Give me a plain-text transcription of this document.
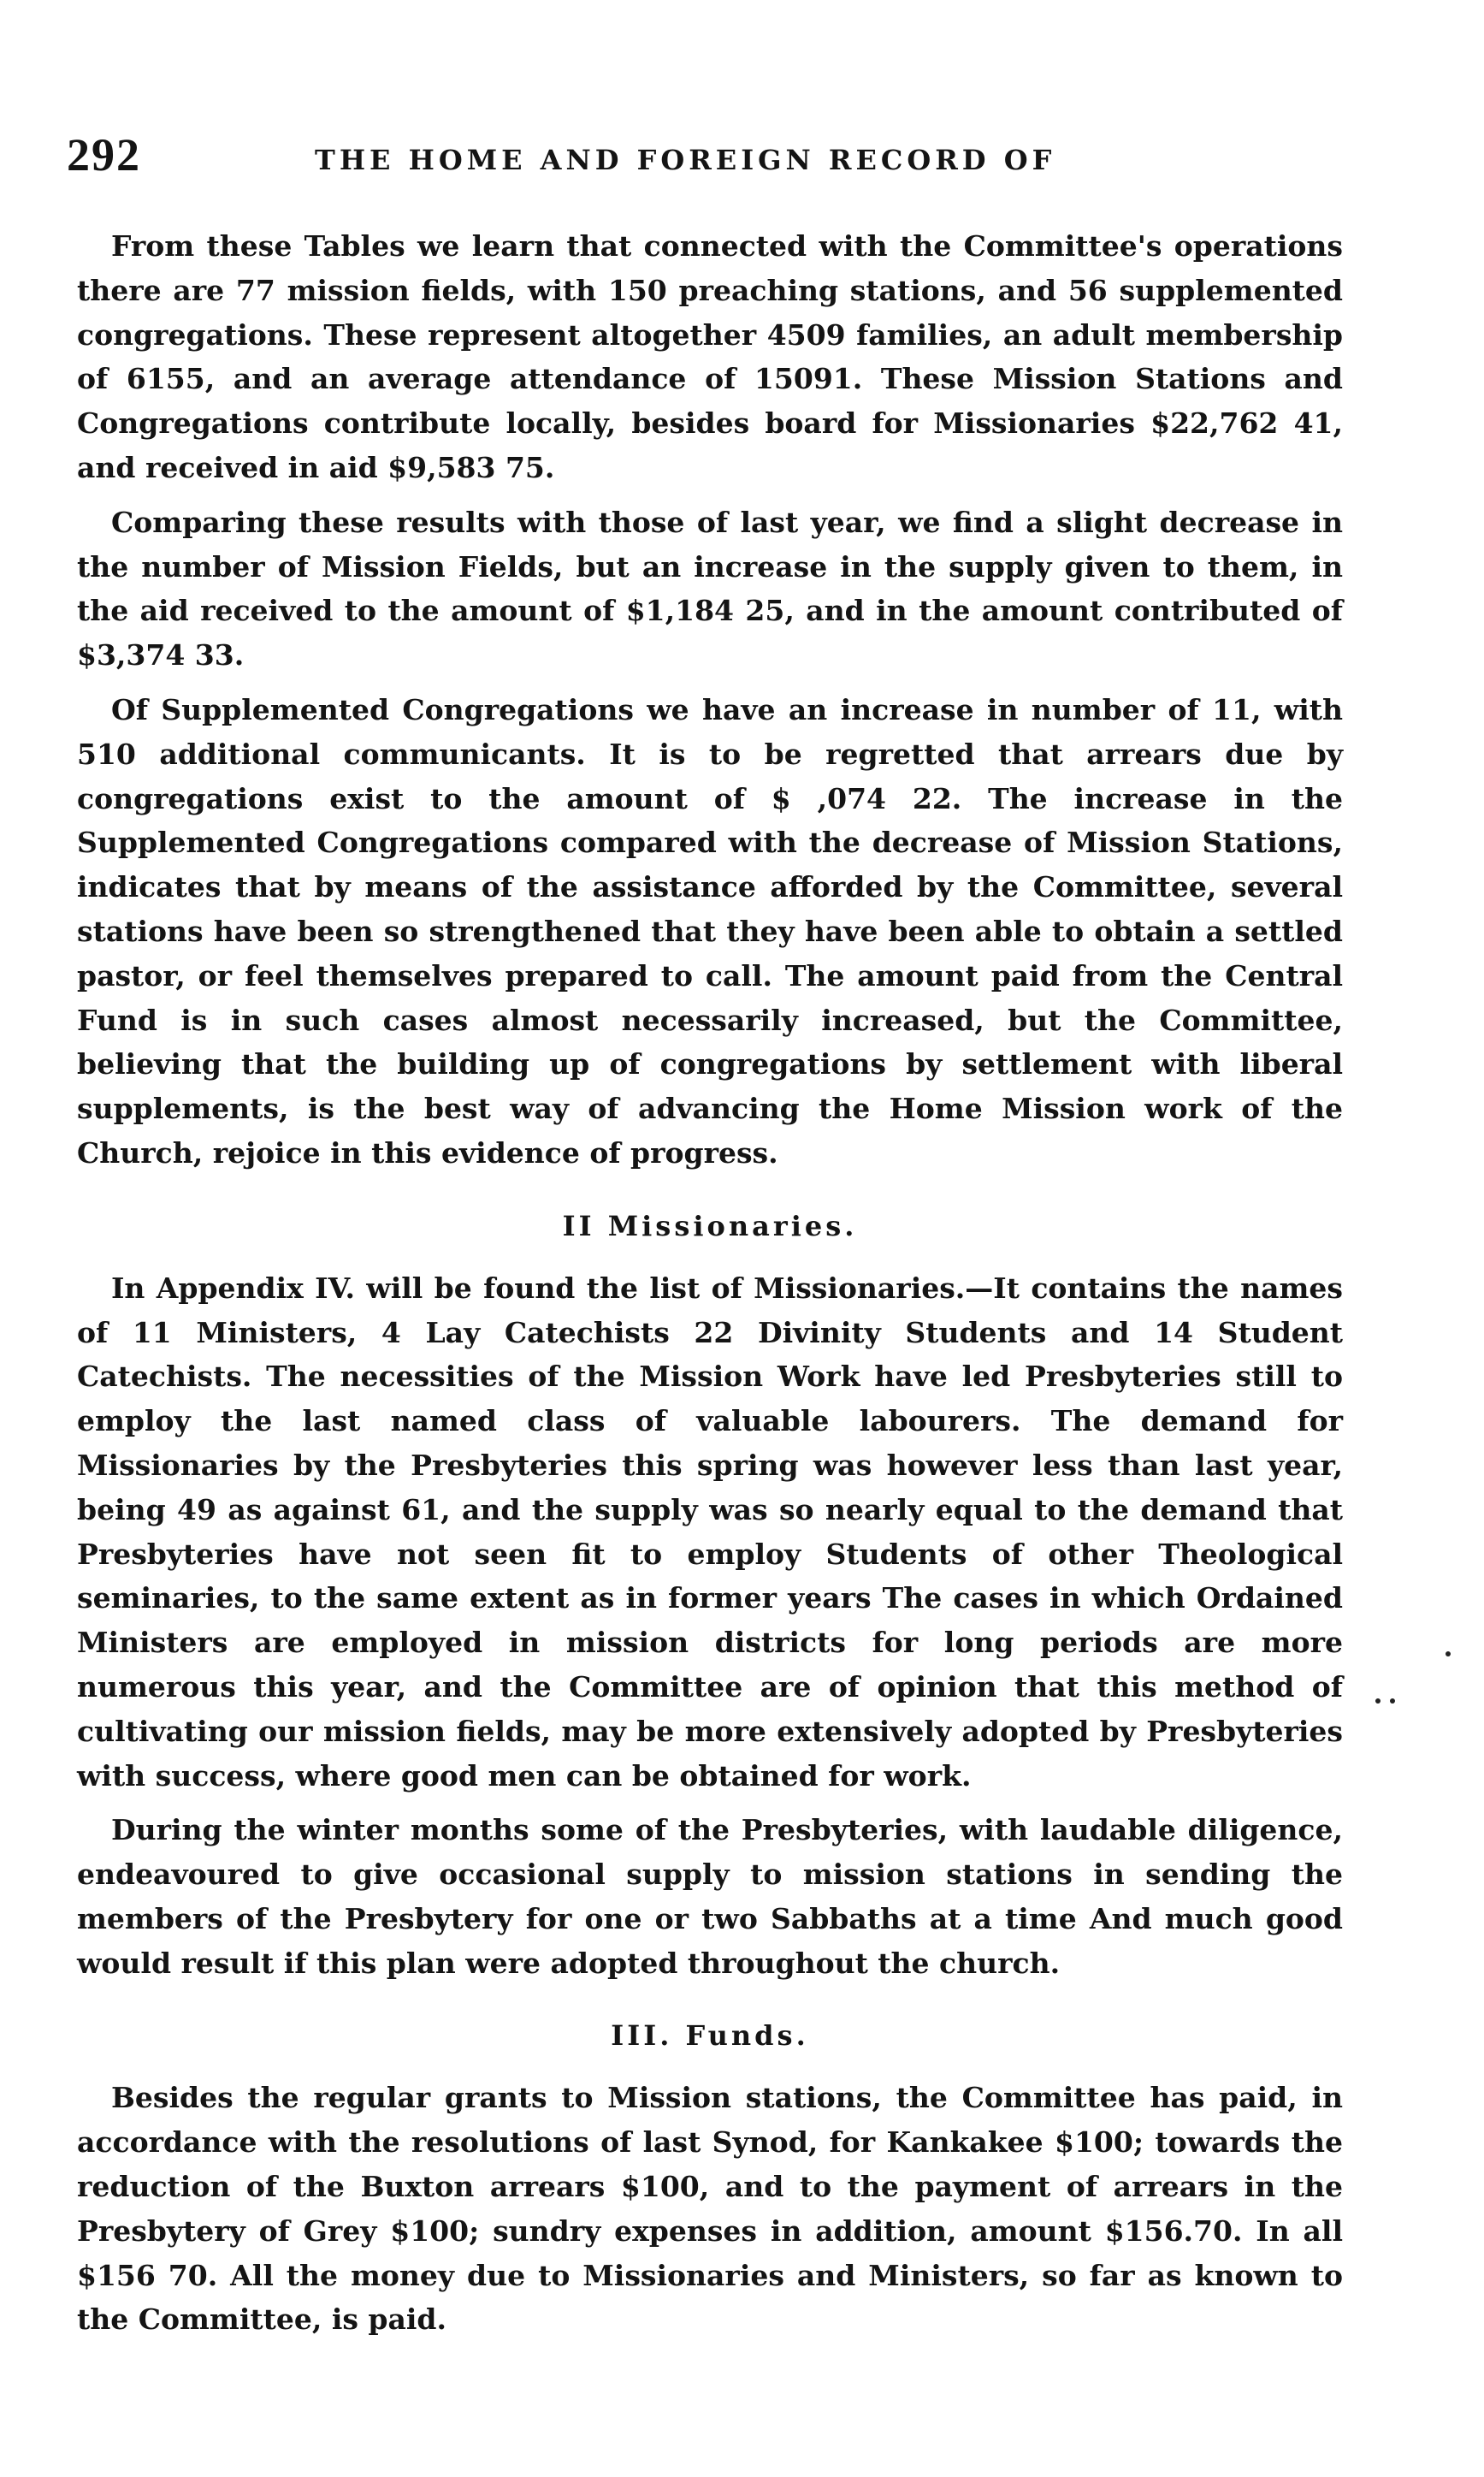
292	THE HOME AND FOREIGN RECORD OF

From these Tables we learn that connected with the Committee's operations there are 77 mission fields, with 150 preaching stations, and 56 supplemented congregations. These represent altogether 4509 families, an adult membership of 6155, and an average attendance of 15091. These Mission Stations and Congregations contribute locally, besides board for Missionaries $22,762 41, and received in aid $9,583 75.

Comparing these results with those of last year, we find a slight decrease in the number of Mission Fields, but an increase in the supply given to them, in the aid received to the amount of $1,184 25, and in the amount contributed of $3,374 33.

Of Supplemented Congregations we have an increase in number of 11, with 510 additional communicants. It is to be regretted that arrears due by congregations exist to the amount of $ ,074 22. The increase in the Supplemented Congregations compared with the decrease of Mission Stations, indicates that by means of the assistance afforded by the Committee, several stations have been so strengthened that they have been able to obtain a settled pastor, or feel themselves prepared to call. The amount paid from the Central Fund is in such cases almost necessarily increased, but the Committee, believing that the building up of congregations by settlement with liberal supplements, is the best way of advancing the Home Mission work of the Church, rejoice in this evidence of progress.

II Missionaries.

In Appendix IV. will be found the list of Missionaries.—It contains the names of 11 Ministers, 4 Lay Catechists 22 Divinity Students and 14 Student Catechists. The necessities of the Mission Work have led Presbyteries still to employ the last named class of valuable labourers. The demand for Missionaries by the Presbyteries this spring was however less than last year, being 49 as against 61, and the supply was so nearly equal to the demand that Presbyteries have not seen fit to employ Students of other Theological seminaries, to the same extent as in former years The cases in which Ordained Ministers are employed in mission districts for long periods are more numerous this year, and the Committee are of opinion that this method of cultivating our mission fields, may be more extensively adopted by Presbyteries with success, where good men can be obtained for work.

During the winter months some of the Presbyteries, with laudable diligence, endeavoured to give occasional supply to mission stations in sending the members of the Presbytery for one or two Sabbaths at a time And much good would result if this plan were adopted throughout the church.

III. Funds.

Besides the regular grants to Mission stations, the Committee has paid, in accordance with the resolutions of last Synod, for Kankakee $100; towards the reduction of the Buxton arrears $100, and to the payment of arrears in the Presbytery of Grey $100; sundry expenses in addition, amount $156.70. In all $156 70. All the money due to Missionaries and Ministers, so far as known to the Committee, is paid.
